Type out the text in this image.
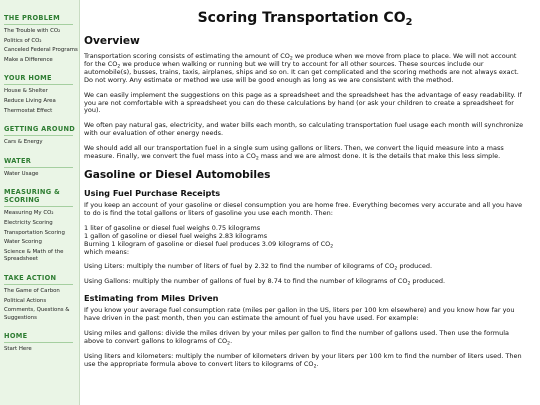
THE PROBLEM
The Trouble with CO₂
Politics of CO₂
Canceled Federal Programs
Make a Difference
YOUR HOME
House & Shelter
Reduce Living Area
Thermostat Effect
GETTING AROUND
Cars & Energy
WATER
Water Usage
MEASURING & SCORING
Measuring My CO₂
Electricity Scoring
Transportation Scoring
Water Scoring
Science & Math of the Spreadsheet
TAKE ACTION
The Game of Carbon
Political Actions
Comments, Questions & Suggestions
HOME
Start Here
Scoring Transportation $CO_2$
Overview

Transportation scoring consists of estimating the amount of $CO_2$ we produce when we move from place to place. We will not account for the $CO_2$ we produce when walking or running but we will try to account for all other sources. These sources include our automobile(s), busses, trains, taxis, airplanes, ships and so on. It can get complicated and the scoring methods are not always exact. Do not worry. Any estimate or method we use will be good enough as long as we are consistent with the method.

We can easily implement the suggestions on this page as a spreadsheet and the spreadsheet has the advantage of easy readability. If you are not comfortable with a spreadsheet you can do these calculations by hand (or ask your children to create a spreadsheet for you).

We often pay natural gas, electricity, and water bills each month, so calculating transportation fuel usage each month will synchronize with our evaluation of other energy needs.

We should add all our transportation fuel in a single sum using gallons or liters. Then, we convert the liquid measure into a mass measure. Finally, we convert the fuel mass into a $CO_2$ mass and we are almost done. It is the details that make this less simple.

Gasoline or Diesel Automobiles
Using Fuel Purchase Receipts

If you keep an account of your gasoline or diesel consumption you are home free. Everything becomes very accurate and all you have to do is find the total gallons or liters of gasoline you use each month. Then:

1 liter of gasoline or diesel fuel weighs 0.75 kilograms
1 gallon of gasoline or diesel fuel weighs 2.83 kilograms
Burning 1 kilogram of gasoline or diesel fuel produces 3.09 kilograms of $CO_2$
which means:

Using Liters: multiply the number of liters of fuel by 2.32 to find the number of kilograms of $CO_2$ produced.

Using Gallons: multiply the number of gallons of fuel by 8.74 to find the number of kilograms of $CO_2$ produced.

Estimating from Miles Driven

If you know your average fuel consumption rate (miles per gallon in the US, liters per 100 km elsewhere) and you know how far you have driven in the past month, then you can estimate the amount of fuel you have used. For example:

Using miles and gallons: divide the miles driven by your miles per gallon to find the number of gallons used. Then use the formula above to convert gallons to kilograms of $CO_2$.

Using liters and kilometers: multiply the number of kilometers driven by your liters per 100 km to find the number of liters used. Then use the appropriate formula above to convert liters to kilograms of $CO_2$.
